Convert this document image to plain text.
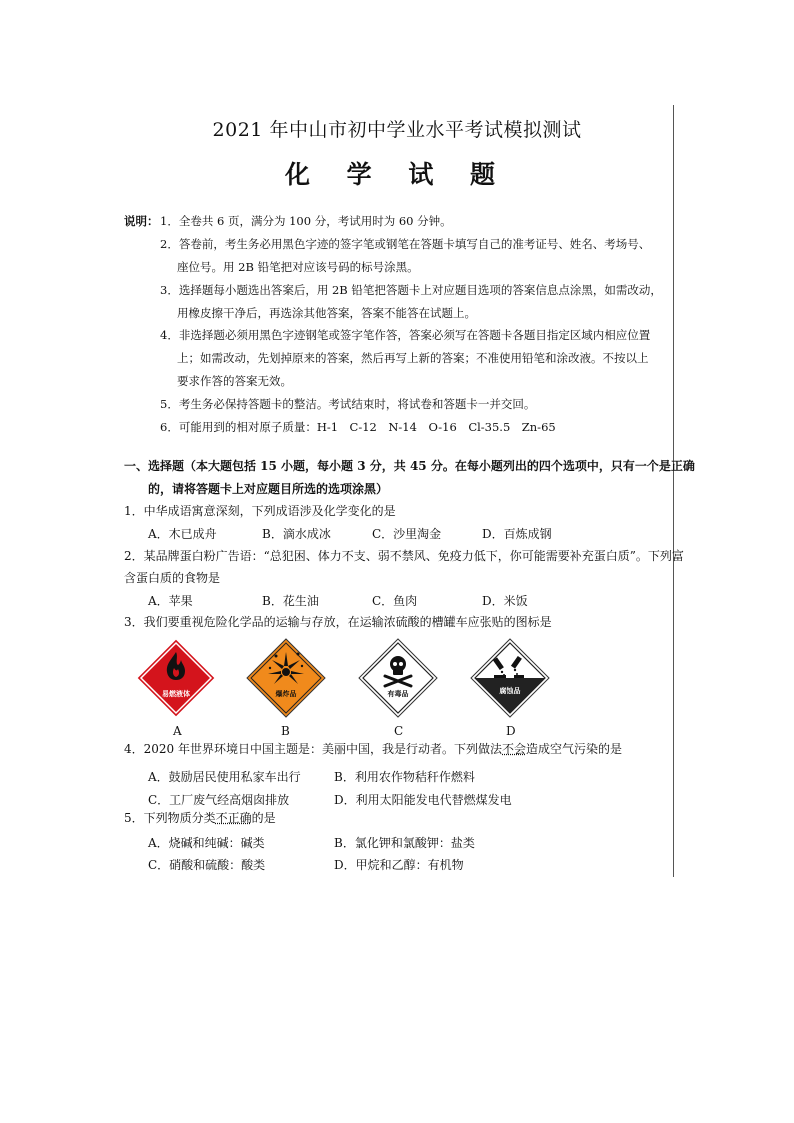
2021 年中山市初中学业水平考试模拟测试
化 学 试 题
说明： 1．全卷共 6 页，满分为 100 分，考试用时为 60 分钟。
2．答卷前，考生务必用黑色字迹的签字笔或钢笔在答题卡填写自己的准考证号、姓名、考场号、
座位号。用 2B 铅笔把对应该号码的标号涂黑。
3．选择题每小题选出答案后，用 2B 铅笔把答题卡上对应题目选项的答案信息点涂黑，如需改动，
用橡皮擦干净后，再选涂其他答案，答案不能答在试题上。
4．非选择题必须用黑色字迹钢笔或签字笔作答，答案必须写在答题卡各题目指定区域内相应位置
上；如需改动，先划掉原来的答案，然后再写上新的答案；不准使用铅笔和涂改液。不按以上
要求作答的答案无效。
5．考生务必保持答题卡的整洁。考试结束时，将试卷和答题卡一并交回。
6．可能用到的相对原子质量：H-1　C-12　N-14　O-16　Cl-35.5　Zn-65
一、选择题（本大题包括 15 小题，每小题 3 分，共 45 分。在每小题列出的四个选项中，只有一个是正确
的，请将答题卡上对应题目所选的选项涂黑）
1．中华成语寓意深刻，下列成语涉及化学变化的是
A．木已成舟	B．滴水成冰	C．沙里淘金	D．百炼成钢
2．某品牌蛋白粉广告语：“总犯困、体力不支、弱不禁风、免疫力低下，你可能需要补充蛋白质”。下列富
含蛋白质的食物是
A．苹果	B．花生油	C．鱼肉	D．米饭
3．我们要重视危险化学品的运输与存放，在运输浓硫酸的槽罐车应张贴的图标是
易燃液体
A
爆炸品
B
有毒品
C
腐蚀品
D
4．2020 年世界环境日中国主题是：美丽中国，我是行动者。下列做法不会造成空气污染的是
A．鼓励居民使用私家车出行	B．利用农作物秸秆作燃料
C．工厂废气经高烟囱排放	D．利用太阳能发电代替燃煤发电
5．下列物质分类不正确的是
A．烧碱和纯碱：碱类	B．氯化钾和氯酸钾：盐类
C．硝酸和硫酸：酸类	D．甲烷和乙醇：有机物
